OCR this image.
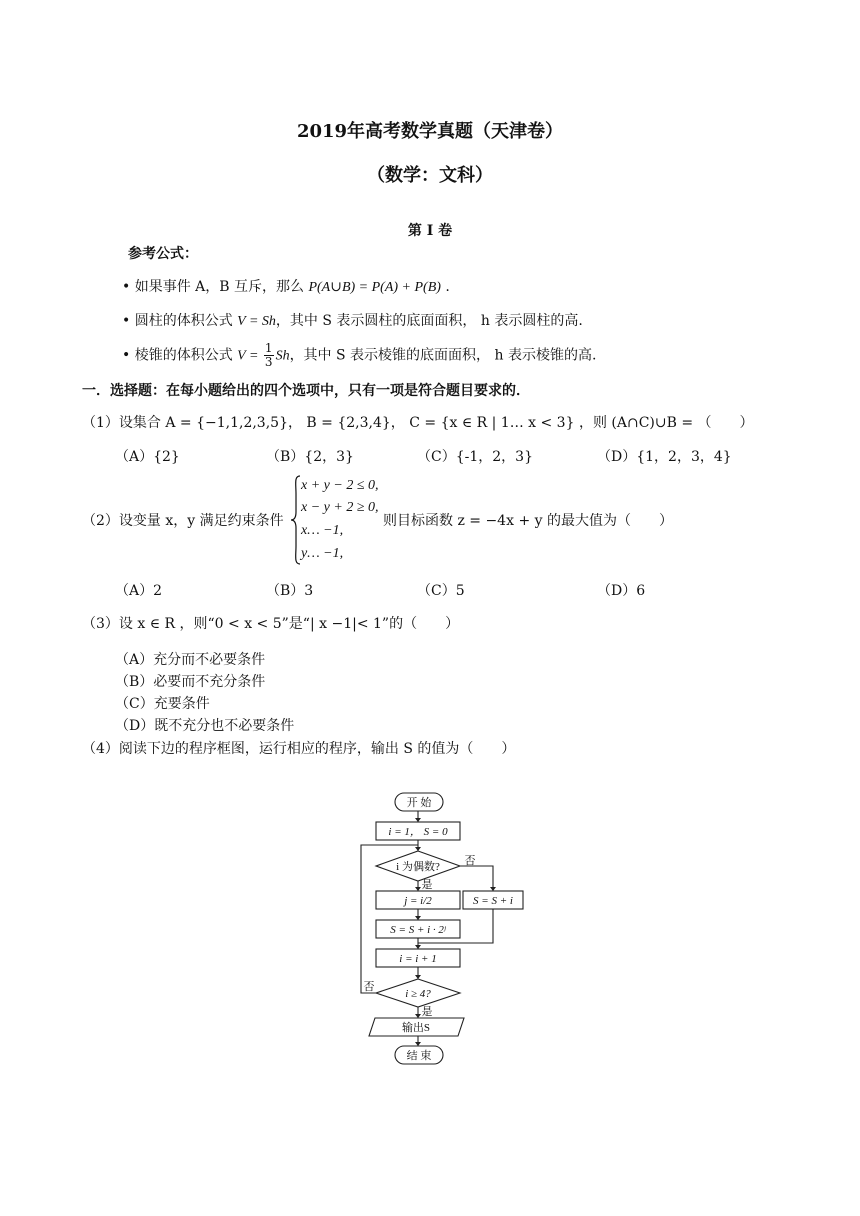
2019年高考数学真题（天津卷）
（数学：文科）
第 I 卷
参考公式：
• 如果事件 A，B 互斥，那么 P(A∪B) = P(A) + P(B) .
• 圆柱的体积公式 V = Sh，其中 S 表示圆柱的底面面积， h 表示圆柱的高.
• 棱锥的体积公式 $V = \frac{1}{3}$ Sh，其中 S 表示棱锥的底面面积， h 表示棱锥的高.
一．选择题：在每小题给出的四个选项中，只有一项是符合题目要求的．
（1）设集合 A = {−1,1,2,3,5}， B = {2,3,4}， C = {x ∈ R | 1… x < 3} ，则 (A∩C)∪B = （　　）
（A）{2}	（B）{2，3}	（C）{-1，2，3}	（D）{1，2，3，4}
（2）设变量 x，y 满足约束条件
x + y − 2 ≤ 0,
x − y + 2 ≥ 0,
x… −1,
y… −1,
则目标函数 z = −4x + y 的最大值为（　　）
（A）2	（B）3	（C）5	（D）6
（3）设 x ∈ R ，则“0 < x < 5”是“| x −1|< 1”的（　　）
（A）充分而不必要条件
（B）必要而不充分条件
（C）充要条件
（D）既不充分也不必要条件
（4）阅读下边的程序框图，运行相应的程序，输出 S 的值为（　　）
开 始
i = 1， S = 0
i 为偶数?
j = i/2
S = S + i · 2ʲ
S = S + i
i = i + 1
i ≥ 4?
输出S
结 束
否
是
否
是
